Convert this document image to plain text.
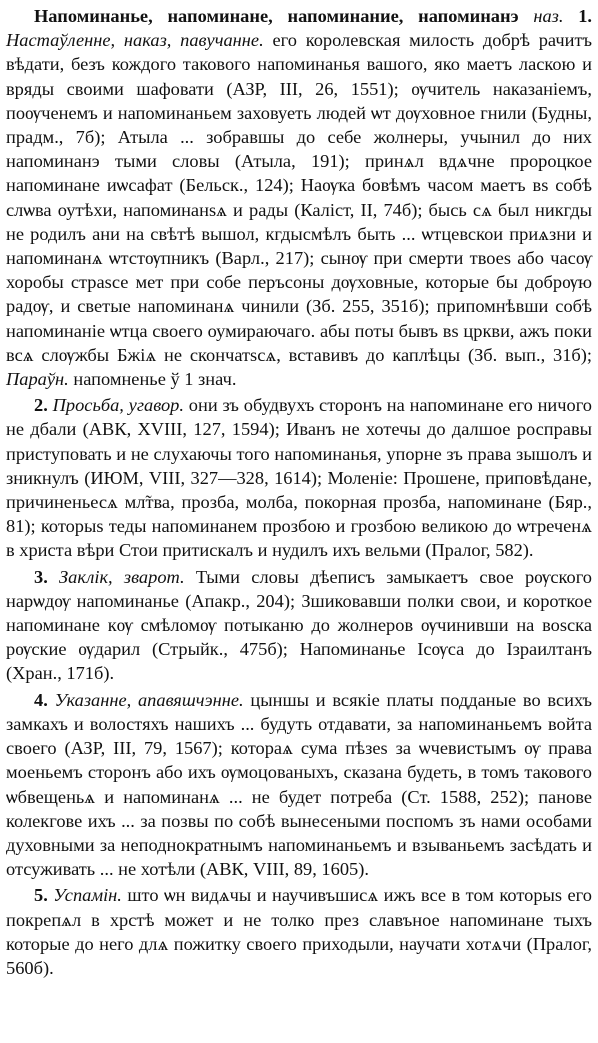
Напоминанье, напоминане, напоминание, напоминанэ наз. 1. Настаўленне, наказ, павучанне. его королевская милость добрѣ рачитъ вѣдати, безъ кождого такового напоминанья вашого, яко маетъ ласкою и вряды своими шафовати (АЗР, III, 26, 1551); ѹчитель наказаніемъ, поѹченемъ и напоминаньем заховуеть людей ѡт дѹховное гнили (Будны, прадм., 7б); Атыла ... зобравшы до себе жолнеры, учынил до них напоминанэ тыми словы (Атыла, 191); принѧл вдѧчне пророцкое напоминане иѡсафат (Бельск., 124); Наѹка бовѣмъ часом маетъ вѕ собѣ слѡва оутѣхи, напоминанѕѧ и рады (Каліст, II, 74б); бысь сѧ был никгды не родилъ ани на свѣтѣ вышол, кгдысмѣлъ быть ... ѡтцевскои приѧзни и напоминанѧ ѡтстѹпникъ (Варл., 217); сынѹ при смерти твоеѕ або часѹ хоробы страѕсе мет при собе перъсоны дѹховные, которые бы добрѹю радѹ, и светые напоминанѧ чинили (Зб. 255, 351б); припомнѣвши собѣ напоминаніе ѡтца своего оумираючаго. абы поты бывъ вѕ цркви, ажъ поки всѧ слѹжбы Бжіѧ не скончатѕсѧ, вставивъ до каплѣцы (Зб. вып., 31б); Параўн. напомненье ў 1 знач.

2. Просьба, угавор. они зъ обудвухъ сторонъ на напоминане его ничого не дбали (АВК, XVIII, 127, 1594); Иванъ не хотечы до далшое росправы приступовать и не слухаючы того напоминанья, упорне зъ права зышолъ и зникнулъ (ИЮМ, VIII, 327—328, 1614); Моленіе: Прошене, приповѣдане, причиненьесѧ мл̃тва, прозба, молба, покорная прозба, напоминане (Бяр., 81); которыѕ теды напоминанем прозбою и грозбою великою до ѡтреченѧ в христа вѣри Стои притискалъ и нудилъ ихъ вельми (Пралог, 582).

3. Заклік, зварот. Тыми словы дѣеписъ замыкаетъ свое рѹского нарѡдѹ напоминанье (Апакр., 204); Зшиковавши полки свои, и короткое напоминане кѹ смѣломѹ потыканю до жолнеров ѹчинивши на воѕска рѹские ѹдарил (Стрыйк., 475б); Напоминанье Ісѹса до Ізраилтанъ (Хран., 171б).

4. Указанне, апавяшчэнне. цыншы и всякіе платы подданые во всихъ замкахъ и волостяхъ нашихъ ... будуть отдавати, за напоминаньемъ войта своего (АЗР, III, 79, 1567); котораѧ сума пѣзеѕ за ѡчевистымъ ѹ права моеньемъ сторонъ або ихъ ѹмоцованыхъ, сказана будеть, в томъ такового ѡбвещеньѧ и напоминанѧ ... не будет потреба (Ст. 1588, 252); панове колекгове ихъ ... за позвы по собѣ вынесеными поспомъ зъ нами особами духовными за неподнократнымъ напоминаньемъ и взываньемъ засѣдать и отсуживать ... не хотѣли (АВК, VIII, 89, 1605).

5. Успамін. што ѡн видѧчы и научивъшисѧ ижъ все в том которыѕ его покрепѧл в хрстѣ может и не толко през славъное напоминане тыхъ которые до него длѧ пожитку своего приходыли, научати хотѧчи (Пралог, 560б).
